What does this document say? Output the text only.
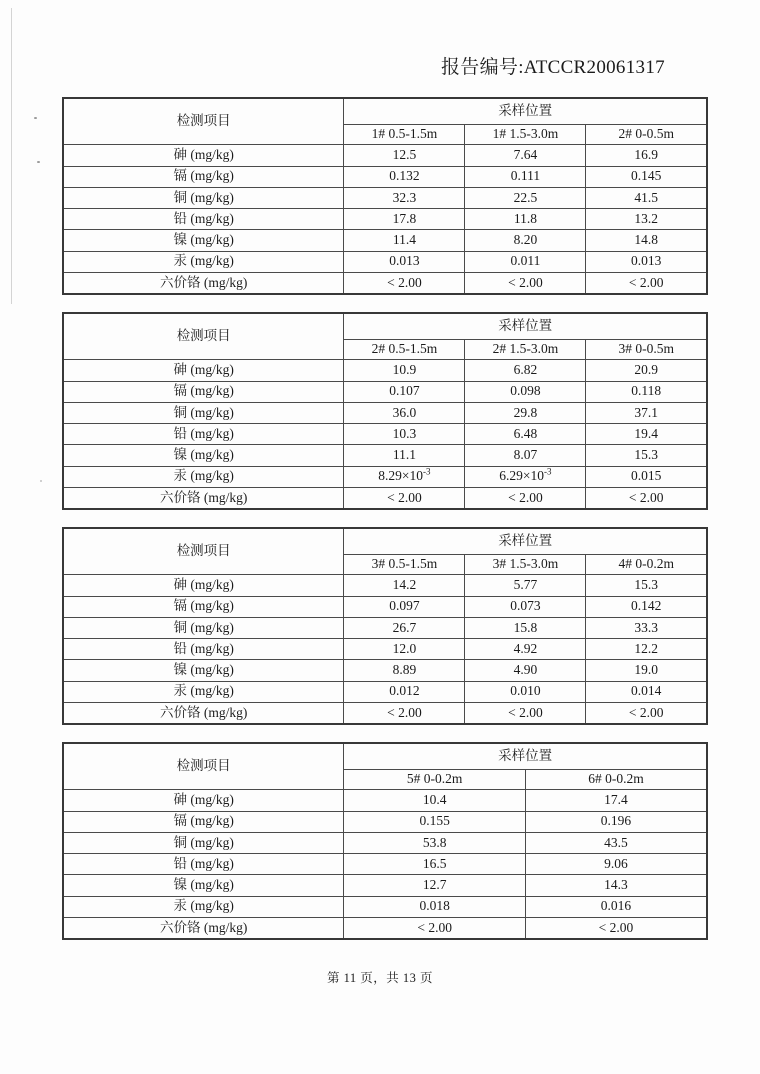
报告编号:ATCCR20061317
检测项目	采样位置		
	1# 0.5-1.5m	1# 1.5-3.0m	2# 0-0.5m
砷 (mg/kg)	12.5	7.64	16.9
镉 (mg/kg)	0.132	0.111	0.145
铜 (mg/kg)	32.3	22.5	41.5
铅 (mg/kg)	17.8	11.8	13.2
镍 (mg/kg)	11.4	8.20	14.8
汞 (mg/kg)	0.013	0.011	0.013
六价铬 (mg/kg)	< 2.00	< 2.00	< 2.00
检测项目	采样位置		
	2# 0.5-1.5m	2# 1.5-3.0m	3# 0-0.5m
砷 (mg/kg)	10.9	6.82	20.9
镉 (mg/kg)	0.107	0.098	0.118
铜 (mg/kg)	36.0	29.8	37.1
铅 (mg/kg)	10.3	6.48	19.4
镍 (mg/kg)	11.1	8.07	15.3
汞 (mg/kg)	$8.29\times 10^{-3}$	$6.29\times 10^{-3}$	0.015
六价铬 (mg/kg)	< 2.00	< 2.00	< 2.00
检测项目	采样位置		
	3# 0.5-1.5m	3# 1.5-3.0m	4# 0-0.2m
砷 (mg/kg)	14.2	5.77	15.3
镉 (mg/kg)	0.097	0.073	0.142
铜 (mg/kg)	26.7	15.8	33.3
铅 (mg/kg)	12.0	4.92	12.2
镍 (mg/kg)	8.89	4.90	19.0
汞 (mg/kg)	0.012	0.010	0.014
六价铬 (mg/kg)	< 2.00	< 2.00	< 2.00
检测项目	采样位置	
	5# 0-0.2m	6# 0-0.2m
砷 (mg/kg)	10.4	17.4
镉 (mg/kg)	0.155	0.196
铜 (mg/kg)	53.8	43.5
铅 (mg/kg)	16.5	9.06
镍 (mg/kg)	12.7	14.3
汞 (mg/kg)	0.018	0.016
六价铬 (mg/kg)	< 2.00	< 2.00
第 11 页，共 13 页
